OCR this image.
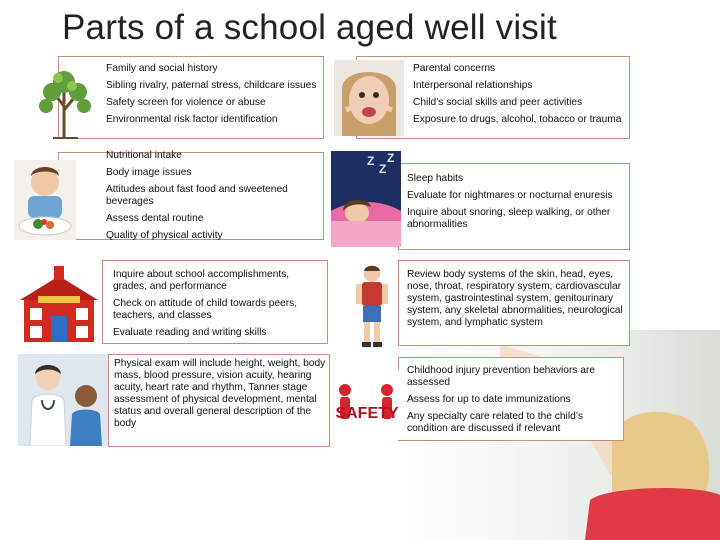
Parts of a school aged well visit

Family and social history

Sibling rivalry, paternal stress, childcare issues

Safety screen for violence or abuse

Environmental risk factor identification

Parental concerns

Interpersonal relationships

Child’s social skills and peer activities

Exposure to drugs, alcohol, tobacco or trauma

Nutritional intake

Body image issues

Attitudes about fast food and sweetened beverages

Assess dental routine

Quality of physical activity

Sleep habits

Evaluate for nightmares or nocturnal enuresis

Inquire about snoring, sleep walking, or other abnormalities

Z
Z
Z

Inquire about school accomplishments, grades, and performance

Check on attitude of child towards peers, teachers, and classes

Evaluate reading and writing skills

Review body systems of the skin, head, eyes, nose, throat, respiratory system, cardiovascular system, gastrointestinal system, genitourinary system, any skeletal abnormalities, neurological system, and lymphatic system

Physical exam will include height, weight, body mass, blood pressure, vision acuity, hearing acuity, heart rate and rhythm, Tanner stage assessment of physical development, mental status and overall general description of the body

Childhood injury prevention behaviors are assessed

Assess for up to date immunizations

Any specialty care related to the child’s condition are discussed if relevant

SAFETY
